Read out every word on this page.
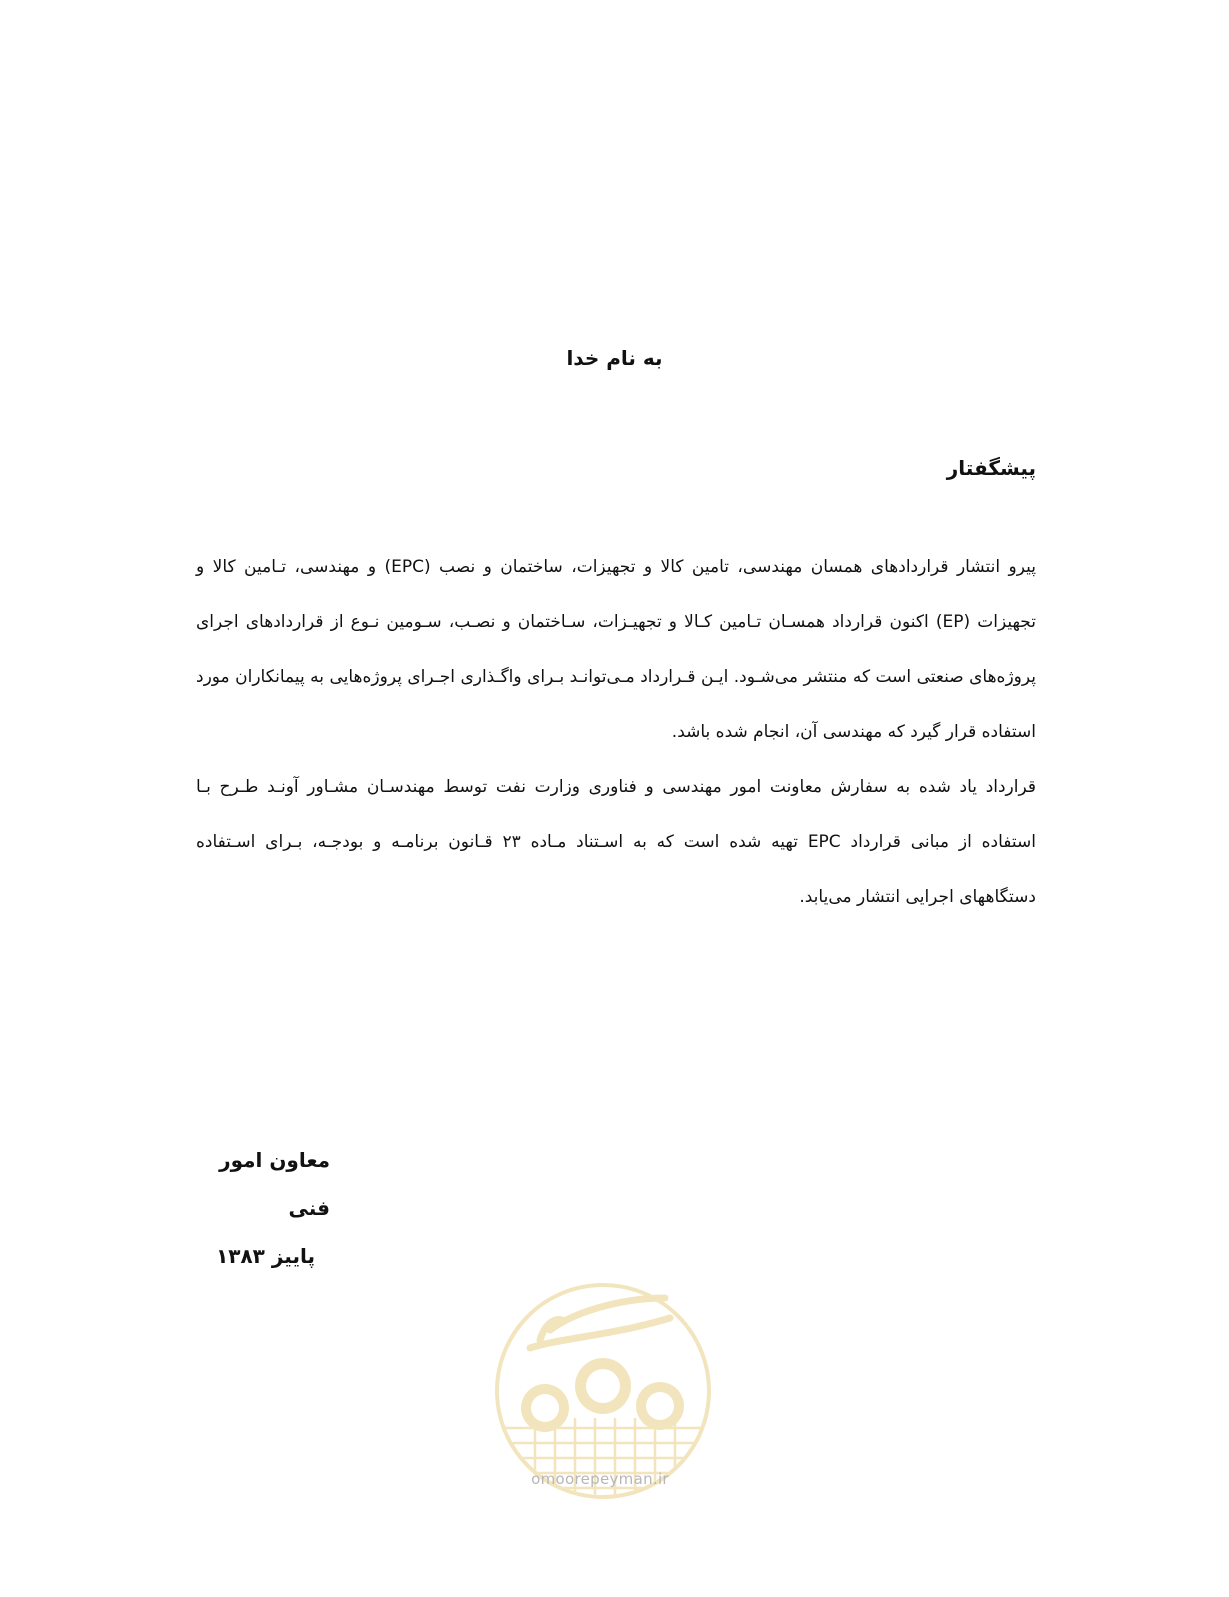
به نام خدا
پیشگفتار

پیرو انتشار قراردادهای همسان مهندسی، تامین کالا و تجهیزات، ساختمان و نصب (EPC) و مهندسی، تـامین کالا و تجهیزات (EP) اکنون قرارداد همسـان تـامین کـالا و تجهیـزات، سـاختمان و نصـب، سـومین نـوع از قراردادهای اجرای پروژه‌های صنعتی است که منتشر می‌شـود. ایـن قـرارداد مـی‌توانـد بـرای واگـذاری اجـرای پروژه‌هایی به پیمانکاران مورد استفاده قرار گیرد که مهندسی آن، انجام شده باشد.

قرارداد یاد شده به سفارش معاونت امور مهندسی و فناوری وزارت نفت توسط مهندسـان مشـاور آونـد طـرح بـا استفاده از مبانی قرارداد EPC تهیه شده است که به اسـتناد مـاده ۲۳ قـانون برنامـه و بودجـه، بـرای اسـتفاده دستگاههای اجرایی انتشار می‌یابد.

معاون امور فنی
پاییز ۱۳۸۳
omoorepeyman.ir
